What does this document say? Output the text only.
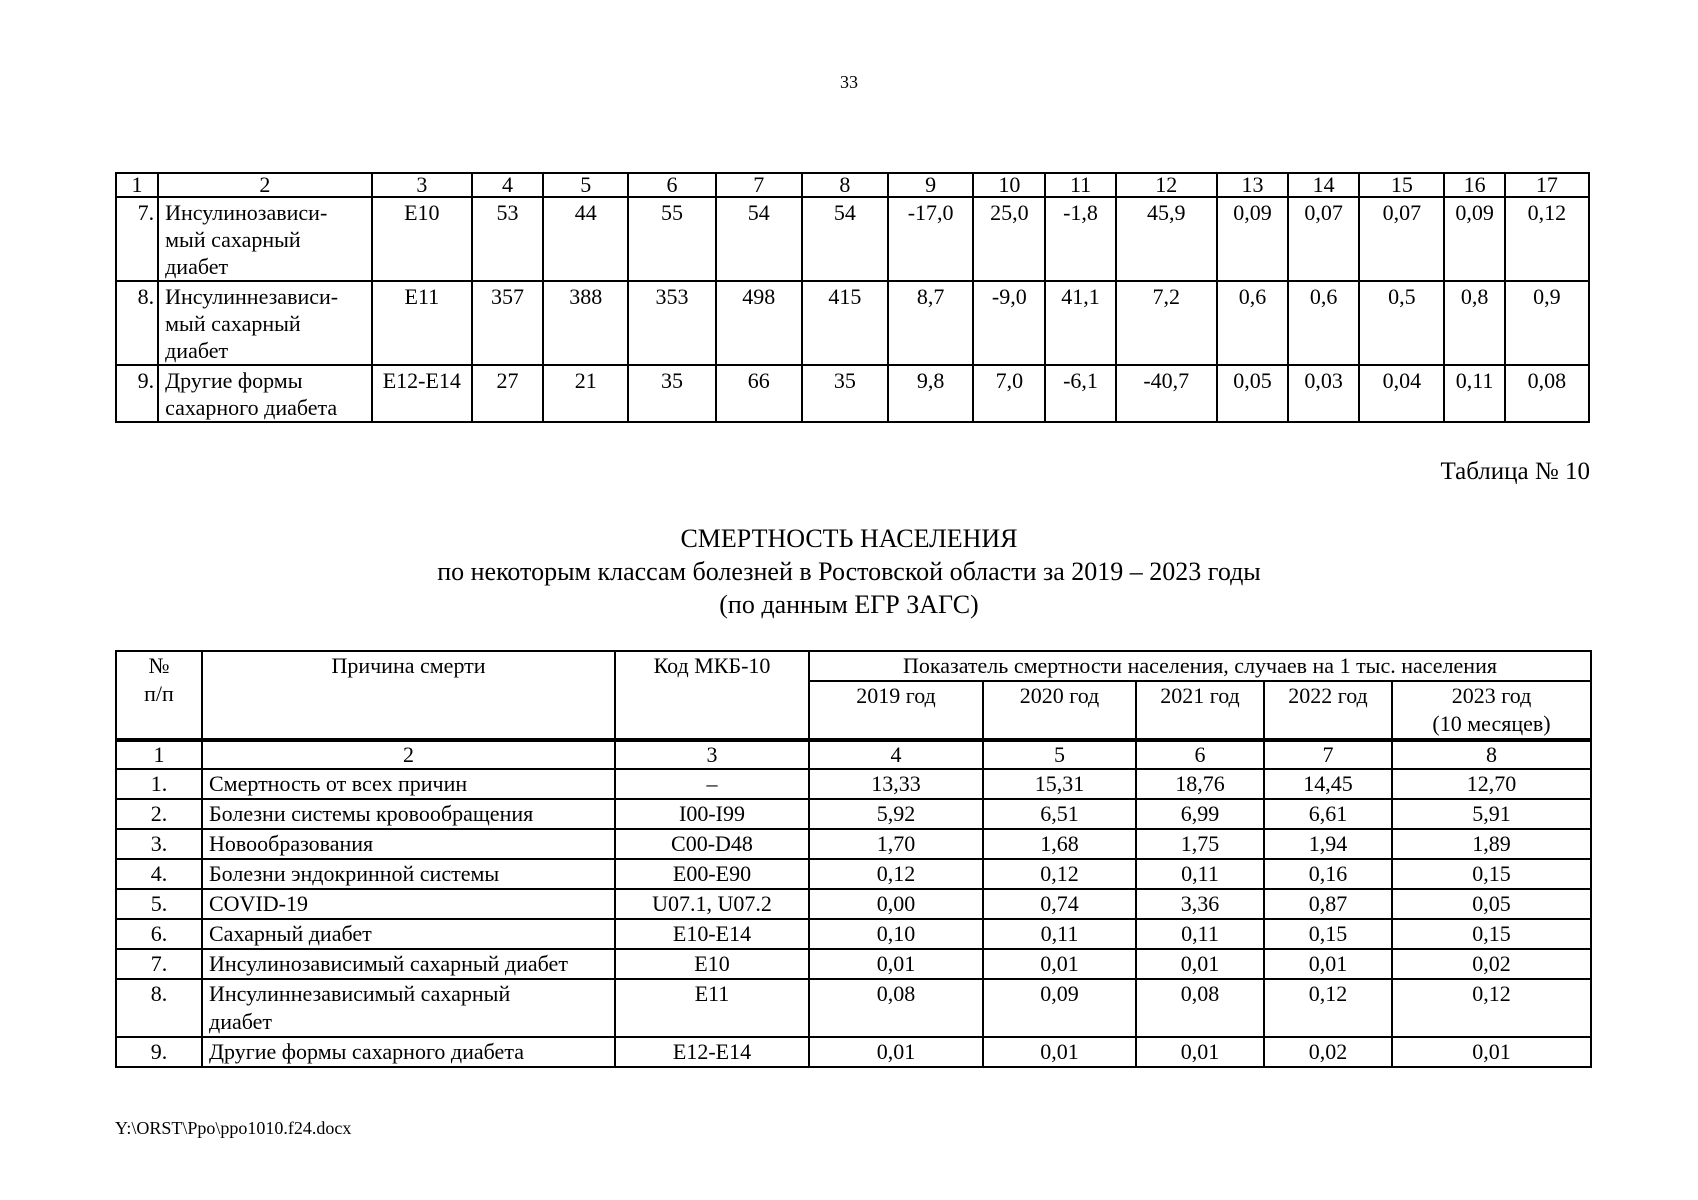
33
1	2	3	4	5	6	7	8	9	10	11	12	13	14	15	16	17
7.	Инсулинозависи-
мый сахарный
диабет	E10	53	44	55	54	54	-17,0	25,0	-1,8	45,9	0,09	0,07	0,07	0,09	0,12
8.	Инсулиннезависи-
мый сахарный
диабет	E11	357	388	353	498	415	8,7	-9,0	41,1	7,2	0,6	0,6	0,5	0,8	0,9
9.	Другие формы
сахарного диабета	E12-E14	27	21	35	66	35	9,8	7,0	-6,1	-40,7	0,05	0,03	0,04	0,11	0,08
Таблица № 10
СМЕРТНОСТЬ НАСЕЛЕНИЯ
по некоторым классам болезней в Ростовской области за 2019 – 2023 годы
(по данным ЕГР ЗАГС)
№
п/п	Причина смерти	Код МКБ-10	Показатель смертности населения, случаев на 1 тыс. населения				

			2019 год	2020 год	2021 год	2022 год	2023 год
(10 месяцев)

1	2	3	4	5	6	7	8
1.	Смертность от всех причин	–	13,33	15,31	18,76	14,45	12,70
2.	Болезни системы кровообращения	I00-I99	5,92	6,51	6,99	6,61	5,91
3.	Новообразования	C00-D48	1,70	1,68	1,75	1,94	1,89
4.	Болезни эндокринной системы	E00-E90	0,12	0,12	0,11	0,16	0,15
5.	COVID-19	U07.1, U07.2	0,00	0,74	3,36	0,87	0,05
6.	Сахарный диабет	E10-E14	0,10	0,11	0,11	0,15	0,15
7.	Инсулинозависимый сахарный диабет	E10	0,01	0,01	0,01	0,01	0,02
8.	Инсулиннезависимый сахарный
диабет	E11	0,08	0,09	0,08	0,12	0,12
9.	Другие формы сахарного диабета	E12-E14	0,01	0,01	0,01	0,02	0,01
Y:\ORST\Ppo\ppo1010.f24.docx
